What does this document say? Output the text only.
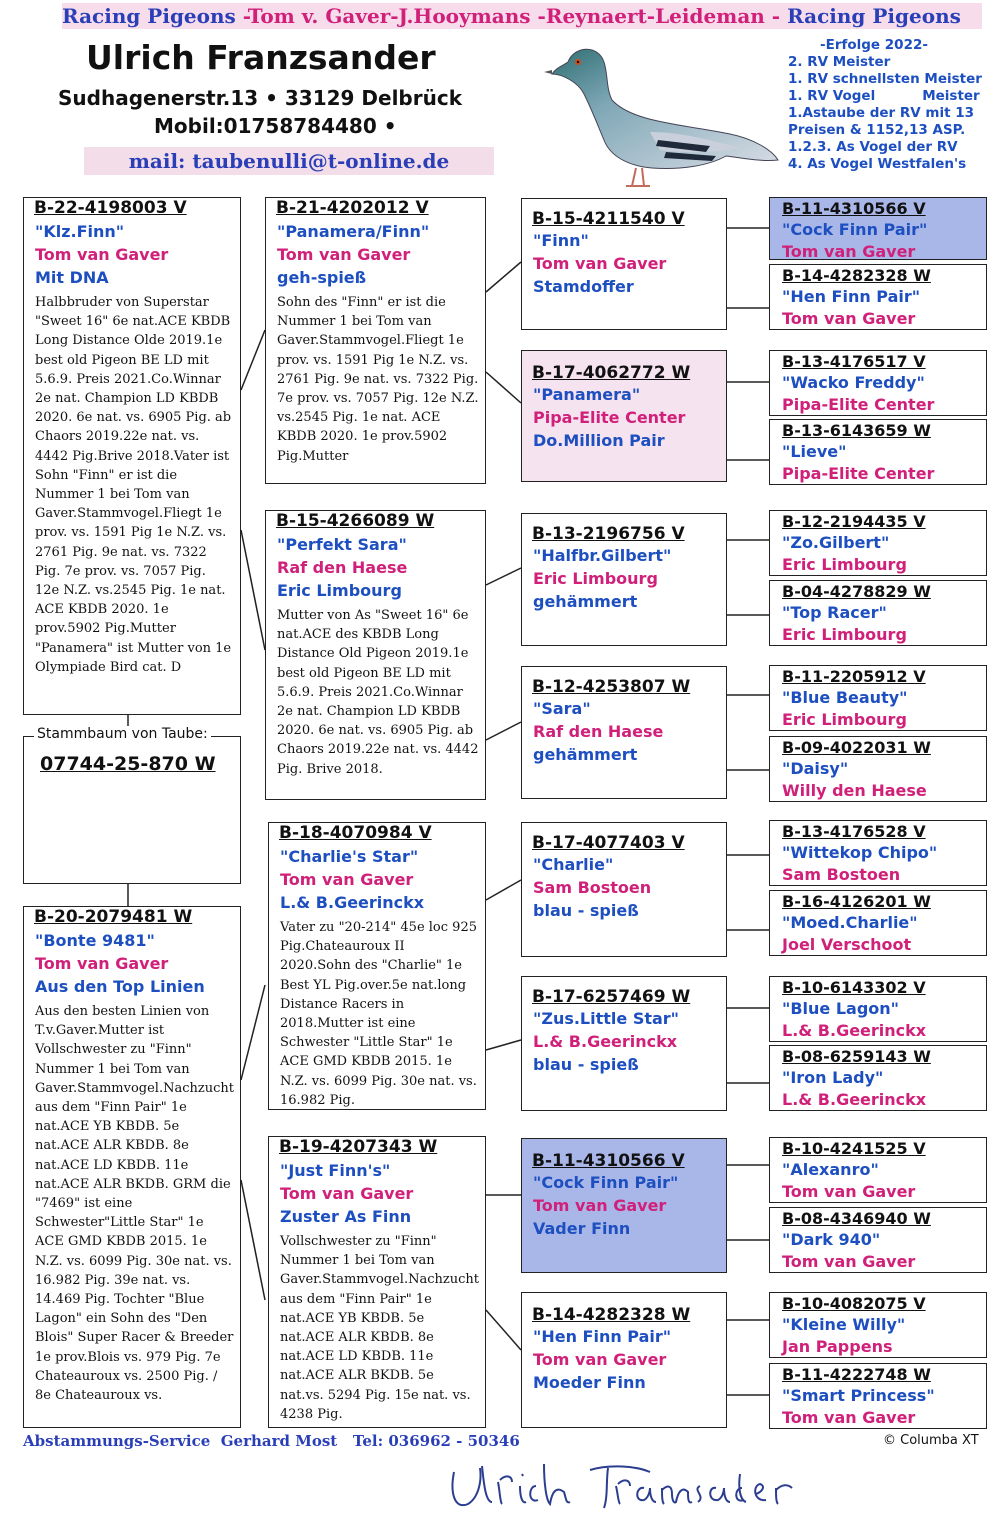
Racing Pigeons -Tom v. Gaver-J.Hooymans -Reynaert-Leideman - Racing Pigeons
Ulrich Franzsander
Sudhagenerstr.13 • 33129 Delbrück
Mobil:01758784480 •
mail: taubenulli@t-online.de
-Erfolge 2022-
2. RV Meister
1. RV schnellsten Meister
1. RV Vogel          Meister
1.Astaube der RV mit 13
Preisen & 1152,13 ASP.
1.2.3. As Vogel der RV
4. As Vogel Westfalen's
Stammbaum von Taube:
07744-25-870 W
B-22-4198003 V
"Klz.Finn"
Tom van Gaver
Mit DNA
Halbbruder von Superstar "Sweet 16" 6e nat.ACE KBDB Long Distance Olde 2019.1e best old Pigeon BE LD mit 5.6.9. Preis 2021.Co.Winnar 2e nat. Champion LD KBDB 2020. 6e nat. vs. 6905 Pig. ab Chaors 2019.22e nat. vs. 4442 Pig.Brive 2018.Vater ist Sohn "Finn" er ist die Nummer 1 bei Tom van Gaver.Stammvogel.Fliegt 1e prov. vs. 1591 Pig 1e N.Z. vs. 2761 Pig. 9e nat. vs. 7322 Pig. 7e prov. vs. 7057 Pig. 12e N.Z. vs.2545 Pig. 1e nat. ACE KBDB 2020. 1e prov.5902 Pig.Mutter "Panamera" ist Mutter von 1e Olympiade Bird cat. D
B-20-2079481 W
"Bonte 9481"
Tom van Gaver
Aus den Top Linien
Aus den besten Linien von T.v.Gaver.Mutter ist Vollschwester zu "Finn" Nummer 1 bei Tom van Gaver.Stammvogel.Nachzucht aus dem "Finn Pair" 1e nat.ACE YB KBDB. 5e nat.ACE ALR KBDB. 8e nat.ACE LD KBDB. 11e nat.ACE ALR BKDB. GRM die "7469" ist eine Schwester"Little Star" 1e ACE GMD KBDB 2015. 1e N.Z. vs. 6099 Pig. 30e nat. vs. 16.982 Pig. 39e nat. vs. 14.469 Pig. Tochter "Blue Lagon" ein Sohn des "Den Blois" Super Racer & Breeder 1e prov.Blois vs. 979 Pig. 7e Chateauroux vs. 2500 Pig. / 8e Chateauroux vs.
B-21-4202012 V
"Panamera/Finn"
Tom van Gaver
geh-spieß
Sohn des "Finn" er ist die Nummer 1 bei Tom van Gaver.Stammvogel.Fliegt 1e prov. vs. 1591 Pig 1e N.Z. vs. 2761 Pig. 9e nat. vs. 7322 Pig. 7e prov. vs. 7057 Pig. 12e N.Z. vs.2545 Pig. 1e nat. ACE KBDB 2020. 1e prov.5902 Pig.Mutter
B-15-4266089 W
"Perfekt Sara"
Raf den Haese
Eric Limbourg
Mutter von As "Sweet 16" 6e nat.ACE des KBDB Long Distance Old Pigeon 2019.1e best old Pigeon BE LD mit 5.6.9. Preis 2021.Co.Winnar 2e nat. Champion LD KBDB 2020. 6e nat. vs. 6905 Pig. ab Chaors 2019.22e nat. vs. 4442 Pig. Brive 2018.
B-18-4070984 V
"Charlie's Star"
Tom van Gaver
L.& B.Geerinckx
Vater zu "20-214" 45e loc 925 Pig.Chateauroux II 2020.Sohn des "Charlie" 1e Best YL Pig.over.5e nat.long Distance Racers in 2018.Mutter ist eine Schwester "Little Star" 1e ACE GMD KBDB 2015. 1e N.Z. vs. 6099 Pig. 30e nat. vs. 16.982 Pig.
B-19-4207343 W
"Just Finn's"
Tom van Gaver
Zuster As Finn
Vollschwester zu "Finn" Nummer 1 bei Tom van Gaver.Stammvogel.Nachzucht aus dem "Finn Pair" 1e nat.ACE YB KBDB. 5e nat.ACE ALR KBDB. 8e nat.ACE LD KBDB. 11e nat.ACE ALR BKDB. 5e nat.vs. 5294 Pig. 15e nat. vs. 4238 Pig.
B-15-4211540 V
"Finn"
Tom van Gaver
Stamdoffer
B-17-4062772 W
"Panamera"
Pipa-Elite Center
Do.Million Pair
B-13-2196756 V
"Halfbr.Gilbert"
Eric Limbourg
gehämmert
B-12-4253807 W
"Sara"
Raf den Haese
gehämmert
B-17-4077403 V
"Charlie"
Sam Bostoen
blau - spieß
B-17-6257469 W
"Zus.Little Star"
L.& B.Geerinckx
blau - spieß
B-11-4310566 V
"Cock Finn Pair"
Tom van Gaver
Vader Finn
B-14-4282328 W
"Hen Finn Pair"
Tom van Gaver
Moeder Finn
B-11-4310566 V
"Cock Finn Pair"
Tom van Gaver
B-14-4282328 W
"Hen Finn Pair"
Tom van Gaver
B-13-4176517 V
"Wacko Freddy"
Pipa-Elite Center
B-13-6143659 W
"Lieve"
Pipa-Elite Center
B-12-2194435 V
"Zo.Gilbert"
Eric Limbourg
B-04-4278829 W
"Top Racer"
Eric Limbourg
B-11-2205912 V
"Blue Beauty"
Eric Limbourg
B-09-4022031 W
"Daisy"
Willy den Haese
B-13-4176528 V
"Wittekop Chipo"
Sam Bostoen
B-16-4126201 W
"Moed.Charlie"
Joel Verschoot
B-10-6143302 V
"Blue Lagon"
L.& B.Geerinckx
B-08-6259143 W
"Iron Lady"
L.& B.Geerinckx
B-10-4241525 V
"Alexanro"
Tom van Gaver
B-08-4346940 W
"Dark 940"
Tom van Gaver
B-10-4082075 V
"Kleine Willy"
Jan Pappens
B-11-4222748 W
"Smart Princess"
Tom van Gaver
Abstammungs-Service  Gerhard Most   Tel: 036962 - 50346	© Columba XT
